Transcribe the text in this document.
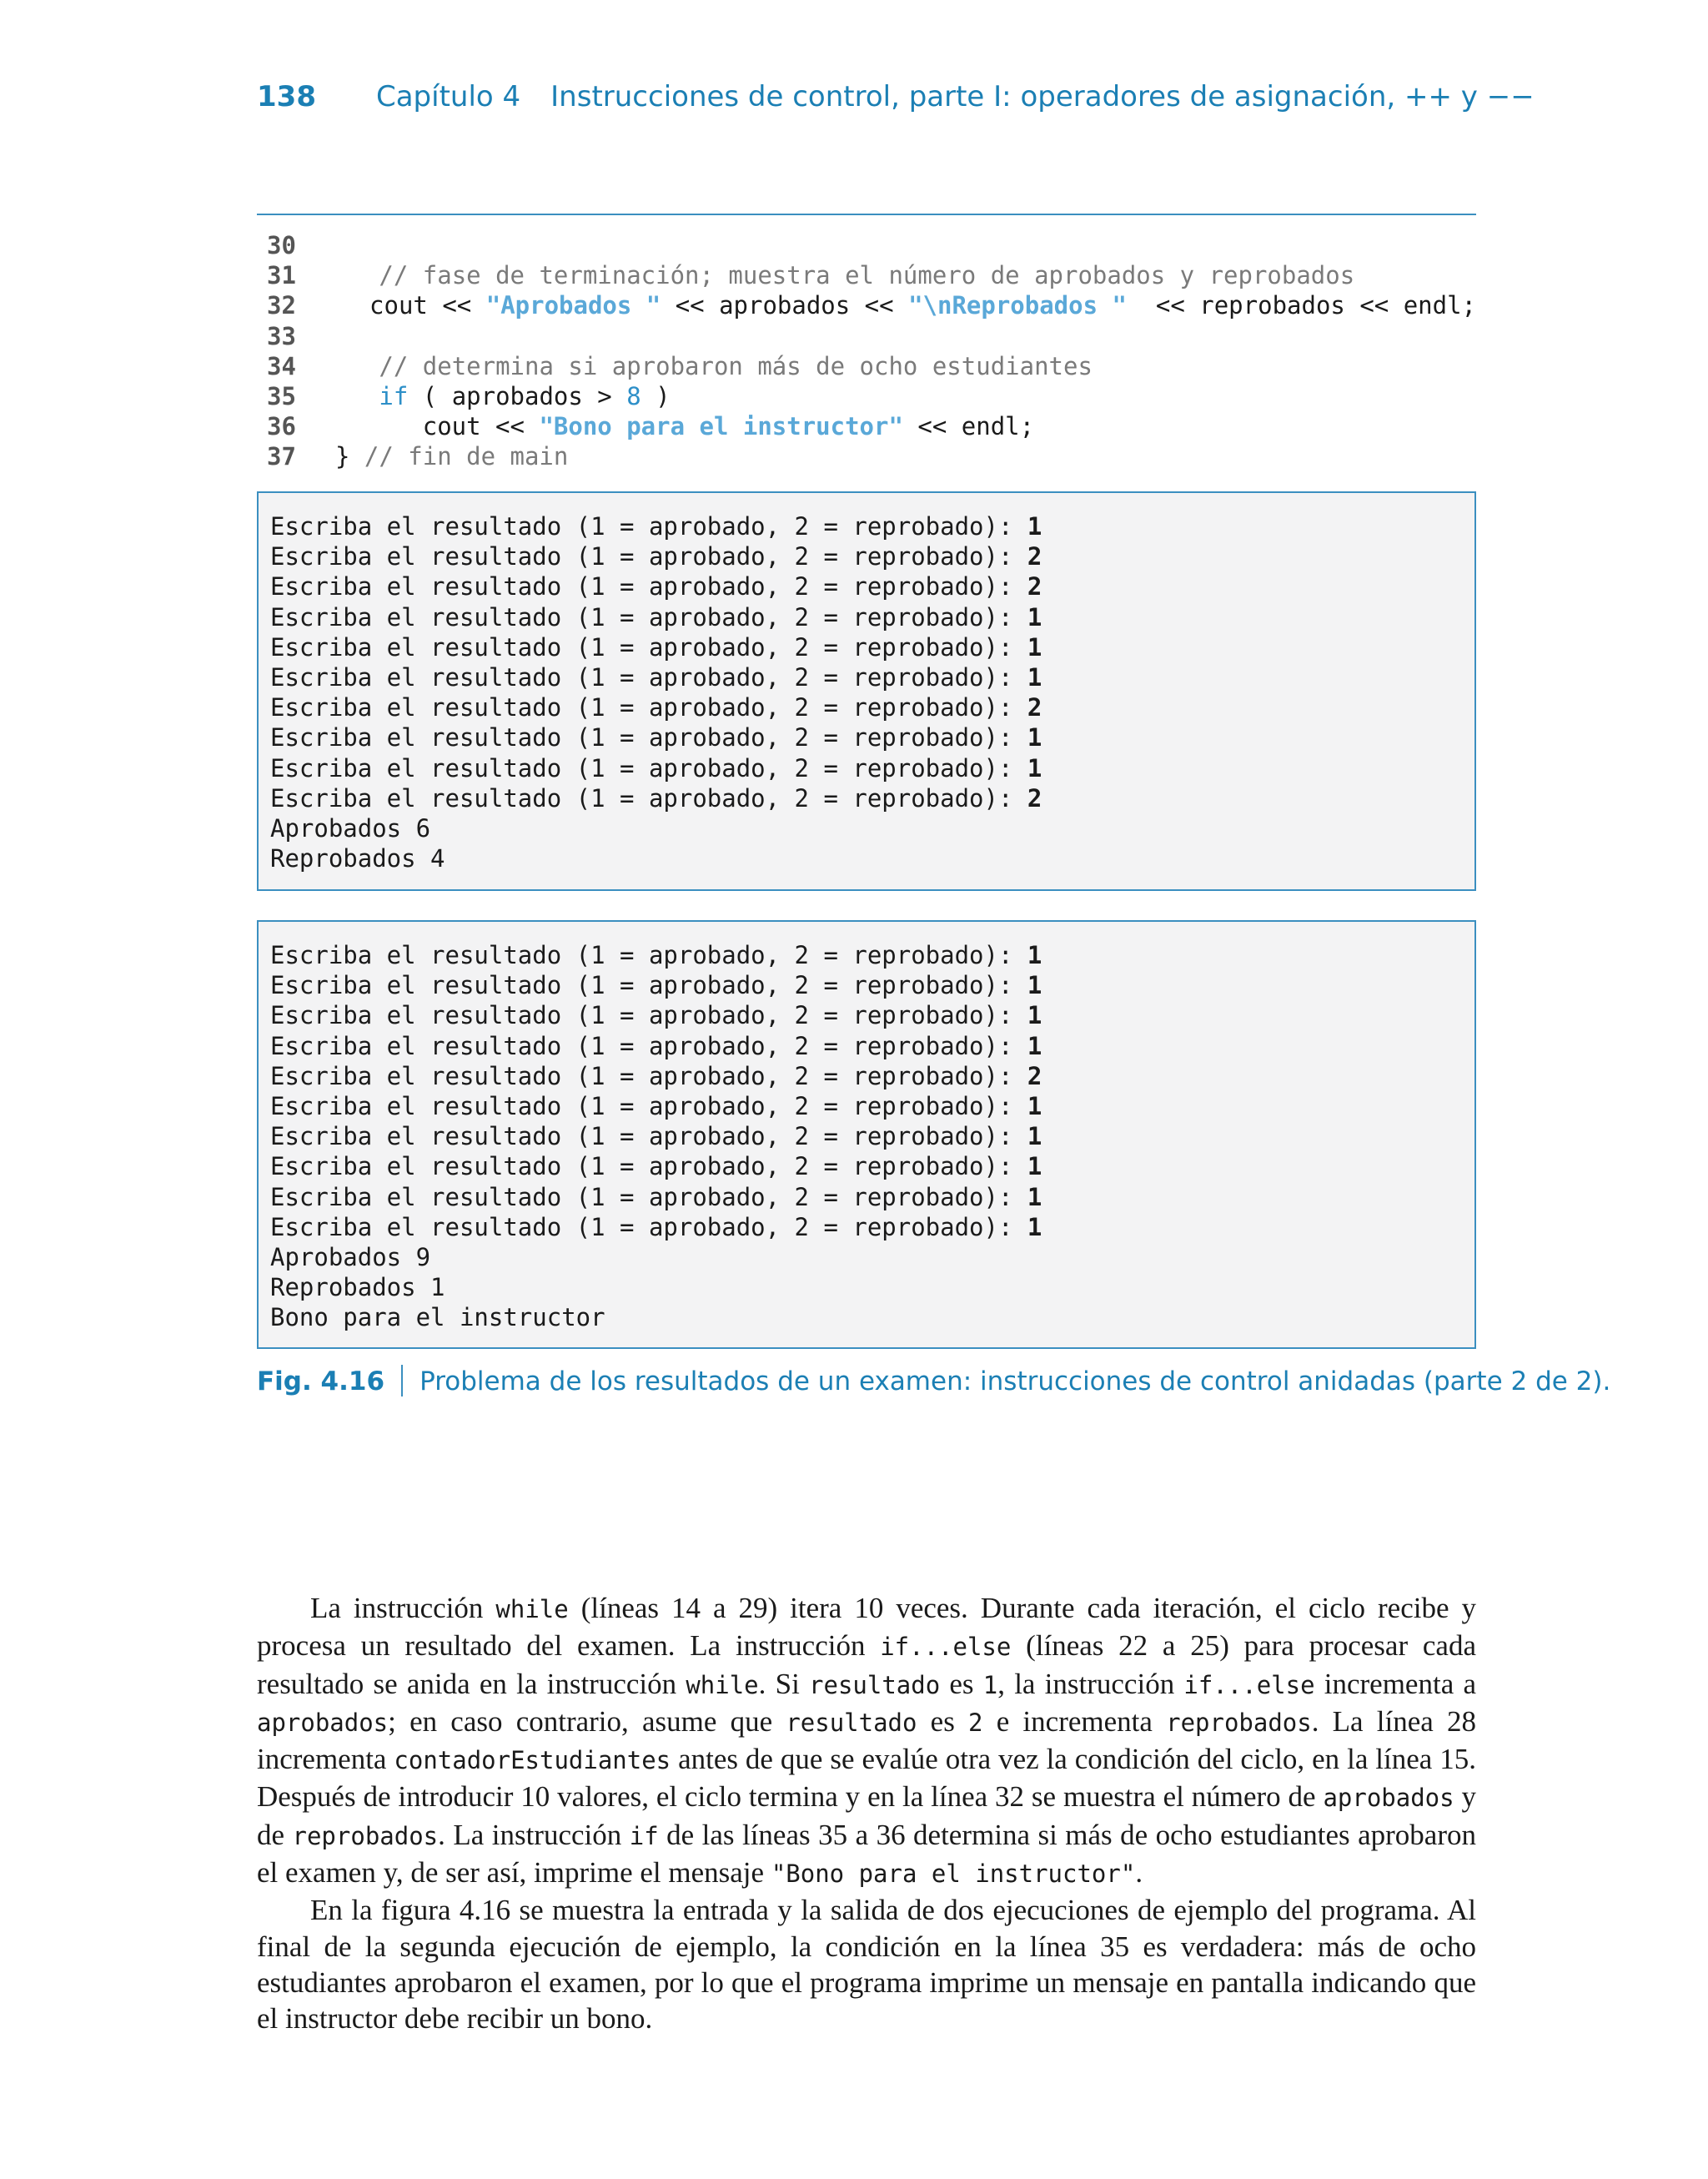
138 Capítulo 4 Instrucciones de control, parte I: operadores de asignación, ++ y −−
30
31	// fase de terminación; muestra el número de aprobados y reprobados
32	cout << "Aprobados " << aprobados << "\nReprobados "  << reprobados << endl;
33
34	// determina si aprobaron más de ocho estudiantes
35	if ( aprobados > 8 )
36	cout << "Bono para el instructor" << endl;
37	} // fin de main
Escriba el resultado (1 = aprobado, 2 = reprobado): 1
Escriba el resultado (1 = aprobado, 2 = reprobado): 2
Escriba el resultado (1 = aprobado, 2 = reprobado): 2
Escriba el resultado (1 = aprobado, 2 = reprobado): 1
Escriba el resultado (1 = aprobado, 2 = reprobado): 1
Escriba el resultado (1 = aprobado, 2 = reprobado): 1
Escriba el resultado (1 = aprobado, 2 = reprobado): 2
Escriba el resultado (1 = aprobado, 2 = reprobado): 1
Escriba el resultado (1 = aprobado, 2 = reprobado): 1
Escriba el resultado (1 = aprobado, 2 = reprobado): 2
Aprobados 6
Reprobados 4
Escriba el resultado (1 = aprobado, 2 = reprobado): 1
Escriba el resultado (1 = aprobado, 2 = reprobado): 1
Escriba el resultado (1 = aprobado, 2 = reprobado): 1
Escriba el resultado (1 = aprobado, 2 = reprobado): 1
Escriba el resultado (1 = aprobado, 2 = reprobado): 2
Escriba el resultado (1 = aprobado, 2 = reprobado): 1
Escriba el resultado (1 = aprobado, 2 = reprobado): 1
Escriba el resultado (1 = aprobado, 2 = reprobado): 1
Escriba el resultado (1 = aprobado, 2 = reprobado): 1
Escriba el resultado (1 = aprobado, 2 = reprobado): 1
Aprobados 9
Reprobados 1
Bono para el instructor
Fig. 4.16 Problema de los resultados de un examen: instrucciones de control anidadas (parte 2 de 2).

La instrucción while (líneas 14 a 29) itera 10 veces. Durante cada iteración, el ciclo recibe y procesa un resultado del examen. La instrucción if...else (líneas 22 a 25) para procesar cada resultado se anida en la instrucción while. Si resultado es 1, la instrucción if...else incrementa a aprobados; en caso contrario, asume que resultado es 2 e incrementa reprobados. La línea 28 incrementa contadorEstudiantes antes de que se evalúe otra vez la condición del ciclo, en la línea 15. Después de introducir 10 valores, el ciclo termina y en la línea 32 se muestra el número de aprobados y de reprobados. La instrucción if de las líneas 35 a 36 determina si más de ocho estudiantes aprobaron el examen y, de ser así, imprime el mensaje "Bono para el instructor".

En la figura 4.16 se muestra la entrada y la salida de dos ejecuciones de ejemplo del programa. Al final de la segunda ejecución de ejemplo, la condición en la línea 35 es verdadera: más de ocho estudiantes aprobaron el examen, por lo que el programa imprime un mensaje en pantalla indicando que el instructor debe recibir un bono.
